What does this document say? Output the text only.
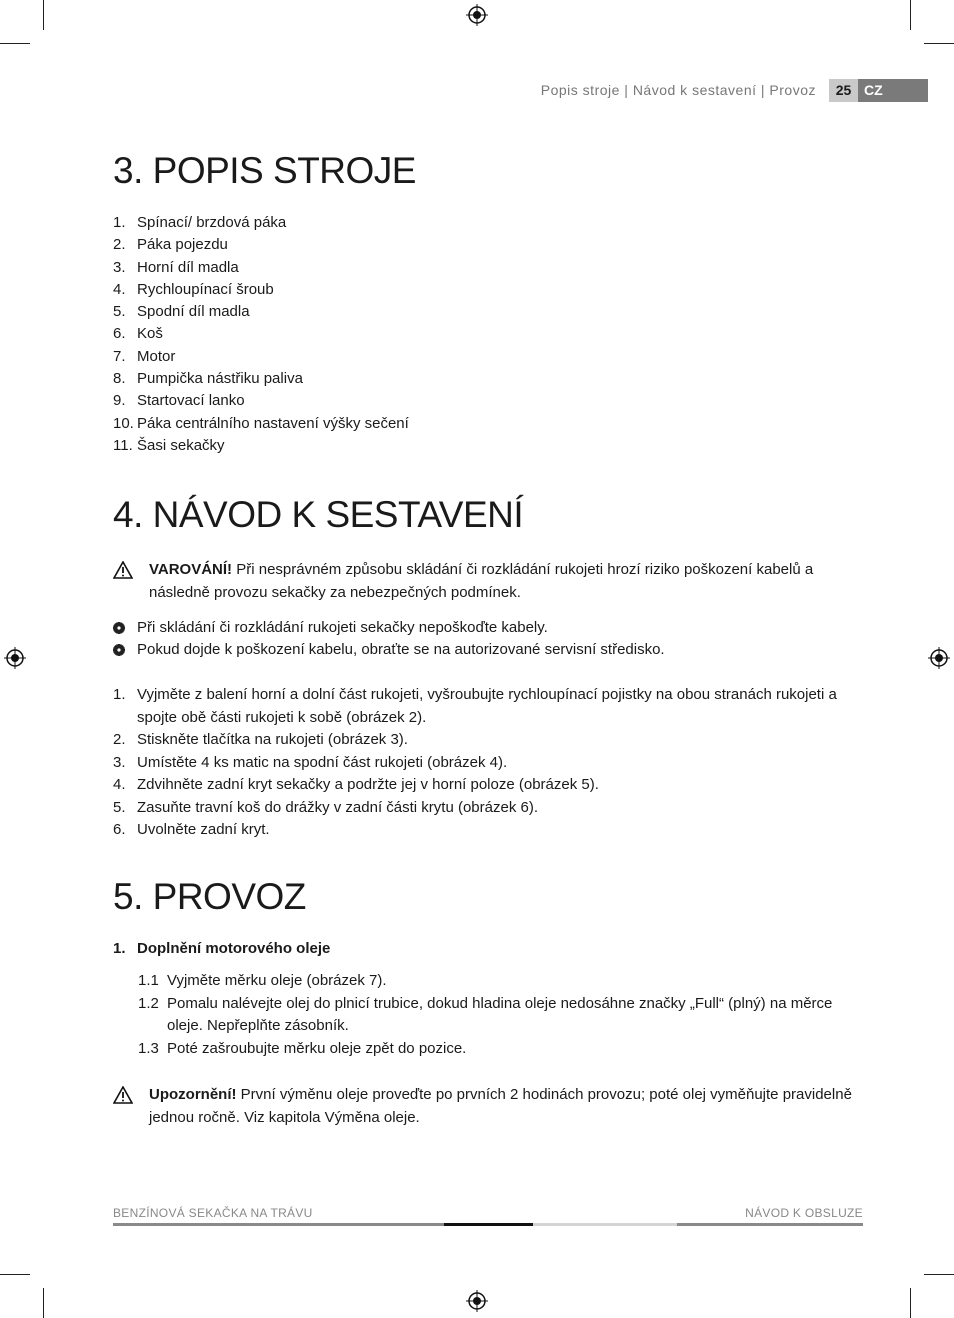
Popis stroje | Návod k sestavení | Provoz	25 CZ
3. POPIS STROJE
1. Spínací/ brzdová páka
2. Páka pojezdu
3. Horní díl madla
4. Rychloupínací šroub
5. Spodní díl madla
6. Koš
7. Motor
8. Pumpička nástřiku paliva
9. Startovací lanko
10. Páka centrálního nastavení výšky sečení
11. Šasi sekačky
4. NÁVOD K SESTAVENÍ
VAROVÁNÍ! Při nesprávném způsobu skládání či rozkládání rukojeti hrozí riziko poškození kabelů a následně provozu sekačky za nebezpečných podmínek.
Při skládání či rozkládání rukojeti sekačky nepoškoďte kabely.
Pokud dojde k poškození kabelu, obraťte se na autorizované servisní středisko.
1. Vyjměte z balení horní a dolní část rukojeti, vyšroubujte rychloupínací pojistky na obou stranách rukojeti a spojte obě části rukojeti k sobě (obrázek 2).
2. Stiskněte tlačítka na rukojeti (obrázek 3).
3. Umístěte 4 ks matic na spodní část rukojeti (obrázek 4).
4. Zdvihněte zadní kryt sekačky a podržte jej v horní poloze (obrázek 5).
5. Zasuňte travní koš do drážky v zadní části krytu (obrázek 6).
6. Uvolněte zadní kryt.
5. PROVOZ
1. Doplnění motorového oleje
1.1 Vyjměte měrku oleje (obrázek 7).
1.2 Pomalu nalévejte olej do plnicí trubice, dokud hladina oleje nedosáhne značky „Full“ (plný) na měrce oleje. Nepřeplňte zásobník.
1.3 Poté zašroubujte měrku oleje zpět do pozice.
Upozornění! První výměnu oleje proveďte po prvních 2 hodinách provozu; poté olej vyměňujte pravidelně jednou ročně. Viz kapitola Výměna oleje.
BENZÍNOVÁ SEKAČKA NA TRÁVU	NÁVOD K OBSLUZE
